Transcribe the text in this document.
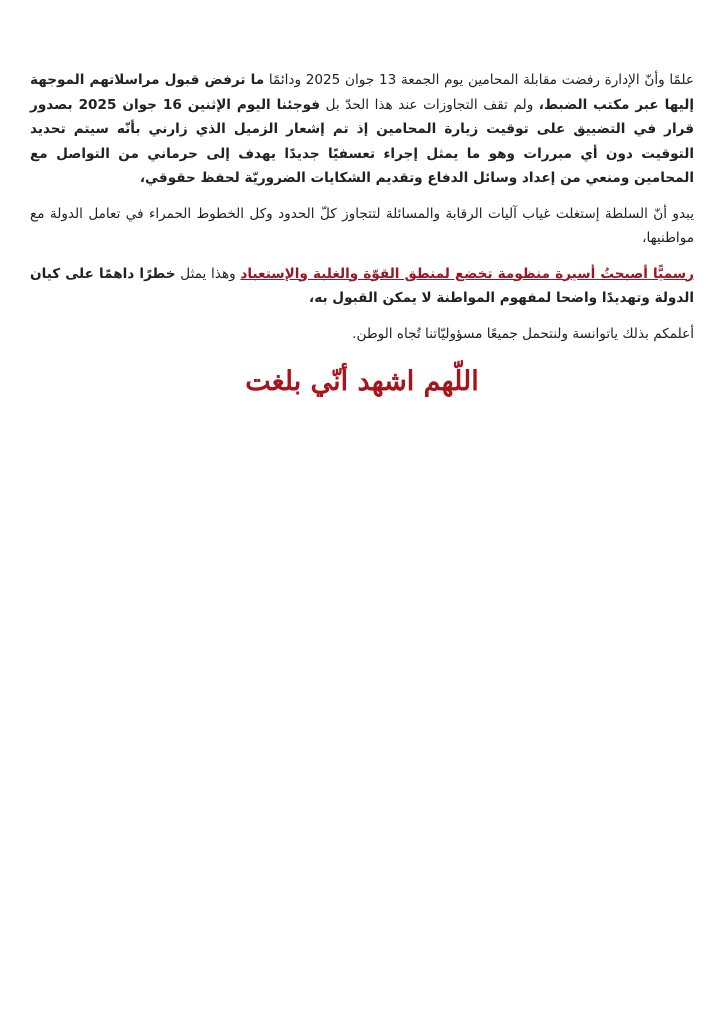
علمًا وأنّ الإدارة رفضت مقابلة المحامين يوم الجمعة 13 جوان 2025 ودائمًا ما ترفض قبول مراسلاتهم الموجهة إليها عبر مكتب الضبط، ولم تقف التجاوزات عند هذا الحدّ بل فوجئنا اليوم الإثنين 16 جوان 2025 بصدور قرار في التضييق على توقيت زيارة المحامين إذ تم إشعار الزميل الذي زارني بأنّه سيتم تحديد التوقيت دون أي مبررات وهو ما يمثل إجراء تعسفيًا جديدًا يهدف إلى حرماني من التواصل مع المحامين ومنعي من إعداد وسائل الدفاع وتقديم الشكايات الضروريّة لحفظ حقوقي،

يبدو أنّ السلطة إستغلت غياب آليات الرقابة والمسائلة لتتجاوز كلّ الحدود وكل الخطوط الحمراء في تعامل الدولة مع مواطنيها،

رسميًّا أصبحتُ أسيرة منظومة تخضع لمنطق القوّة والغلبة والإستعباد وهذا يمثل خطرًا داهمًا على كيان الدولة وتهديدًا واضحا لمفهوم المواطنة لا يمكن القبول به،

أعلمكم بذلك ياتوانسة ولنتحمل جميعًا مسؤوليّاتنا تُجاه الوطن.

اللّهم اشهد أنّي بلغت
